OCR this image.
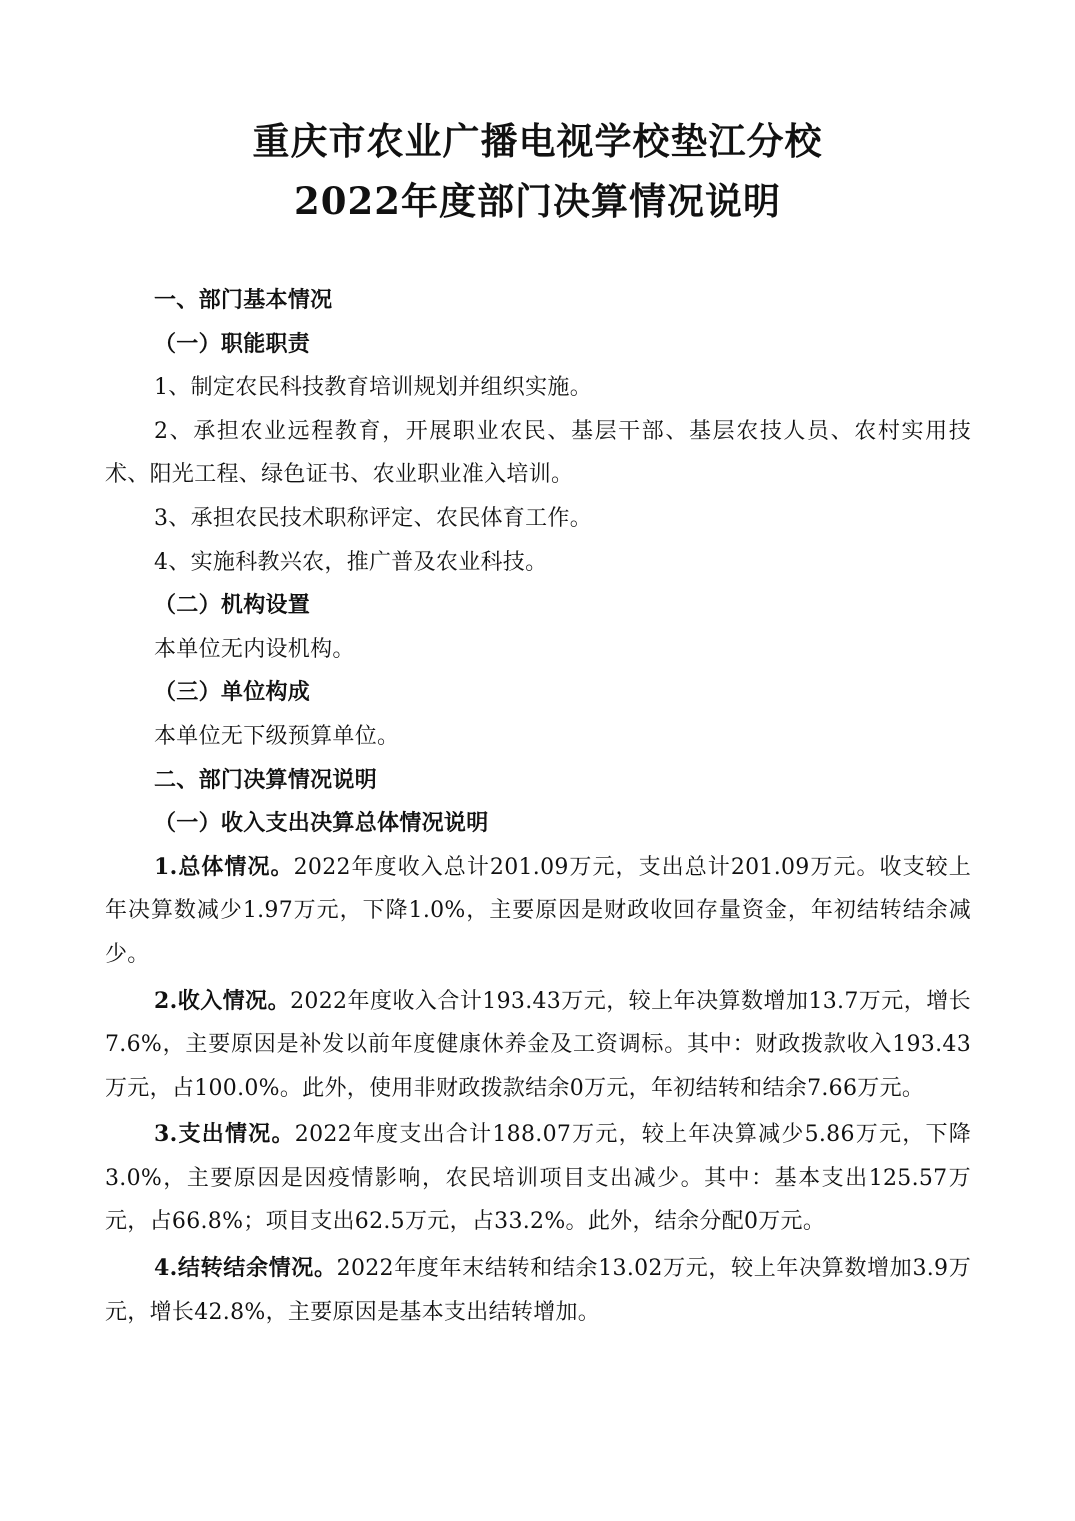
重庆市农业广播电视学校垫江分校
2022年度部门决算情况说明

一、部门基本情况

（一）职能职责

1、制定农民科技教育培训规划并组织实施。

2、承担农业远程教育，开展职业农民、基层干部、基层农技人员、农村实用技术、阳光工程、绿色证书、农业职业准入培训。

3、承担农民技术职称评定、农民体育工作。

4、实施科教兴农，推广普及农业科技。

（二）机构设置

本单位无内设机构。

（三）单位构成

本单位无下级预算单位。

二、部门决算情况说明

（一）收入支出决算总体情况说明

1.总体情况。2022年度收入总计201.09万元，支出总计201.09万元。收支较上年决算数减少1.97万元，下降1.0%，主要原因是财政收回存量资金，年初结转结余减少。

2.收入情况。2022年度收入合计193.43万元，较上年决算数增加13.7万元，增长7.6%，主要原因是补发以前年度健康休养金及工资调标。其中：财政拨款收入193.43万元，占100.0%。此外，使用非财政拨款结余0万元，年初结转和结余7.66万元。

3.支出情况。2022年度支出合计188.07万元，较上年决算减少5.86万元，下降3.0%，主要原因是因疫情影响，农民培训项目支出减少。其中：基本支出125.57万元，占66.8%；项目支出62.5万元，占33.2%。此外，结余分配0万元。

4.结转结余情况。2022年度年末结转和结余13.02万元，较上年决算数增加3.9万元，增长42.8%，主要原因是基本支出结转增加。
